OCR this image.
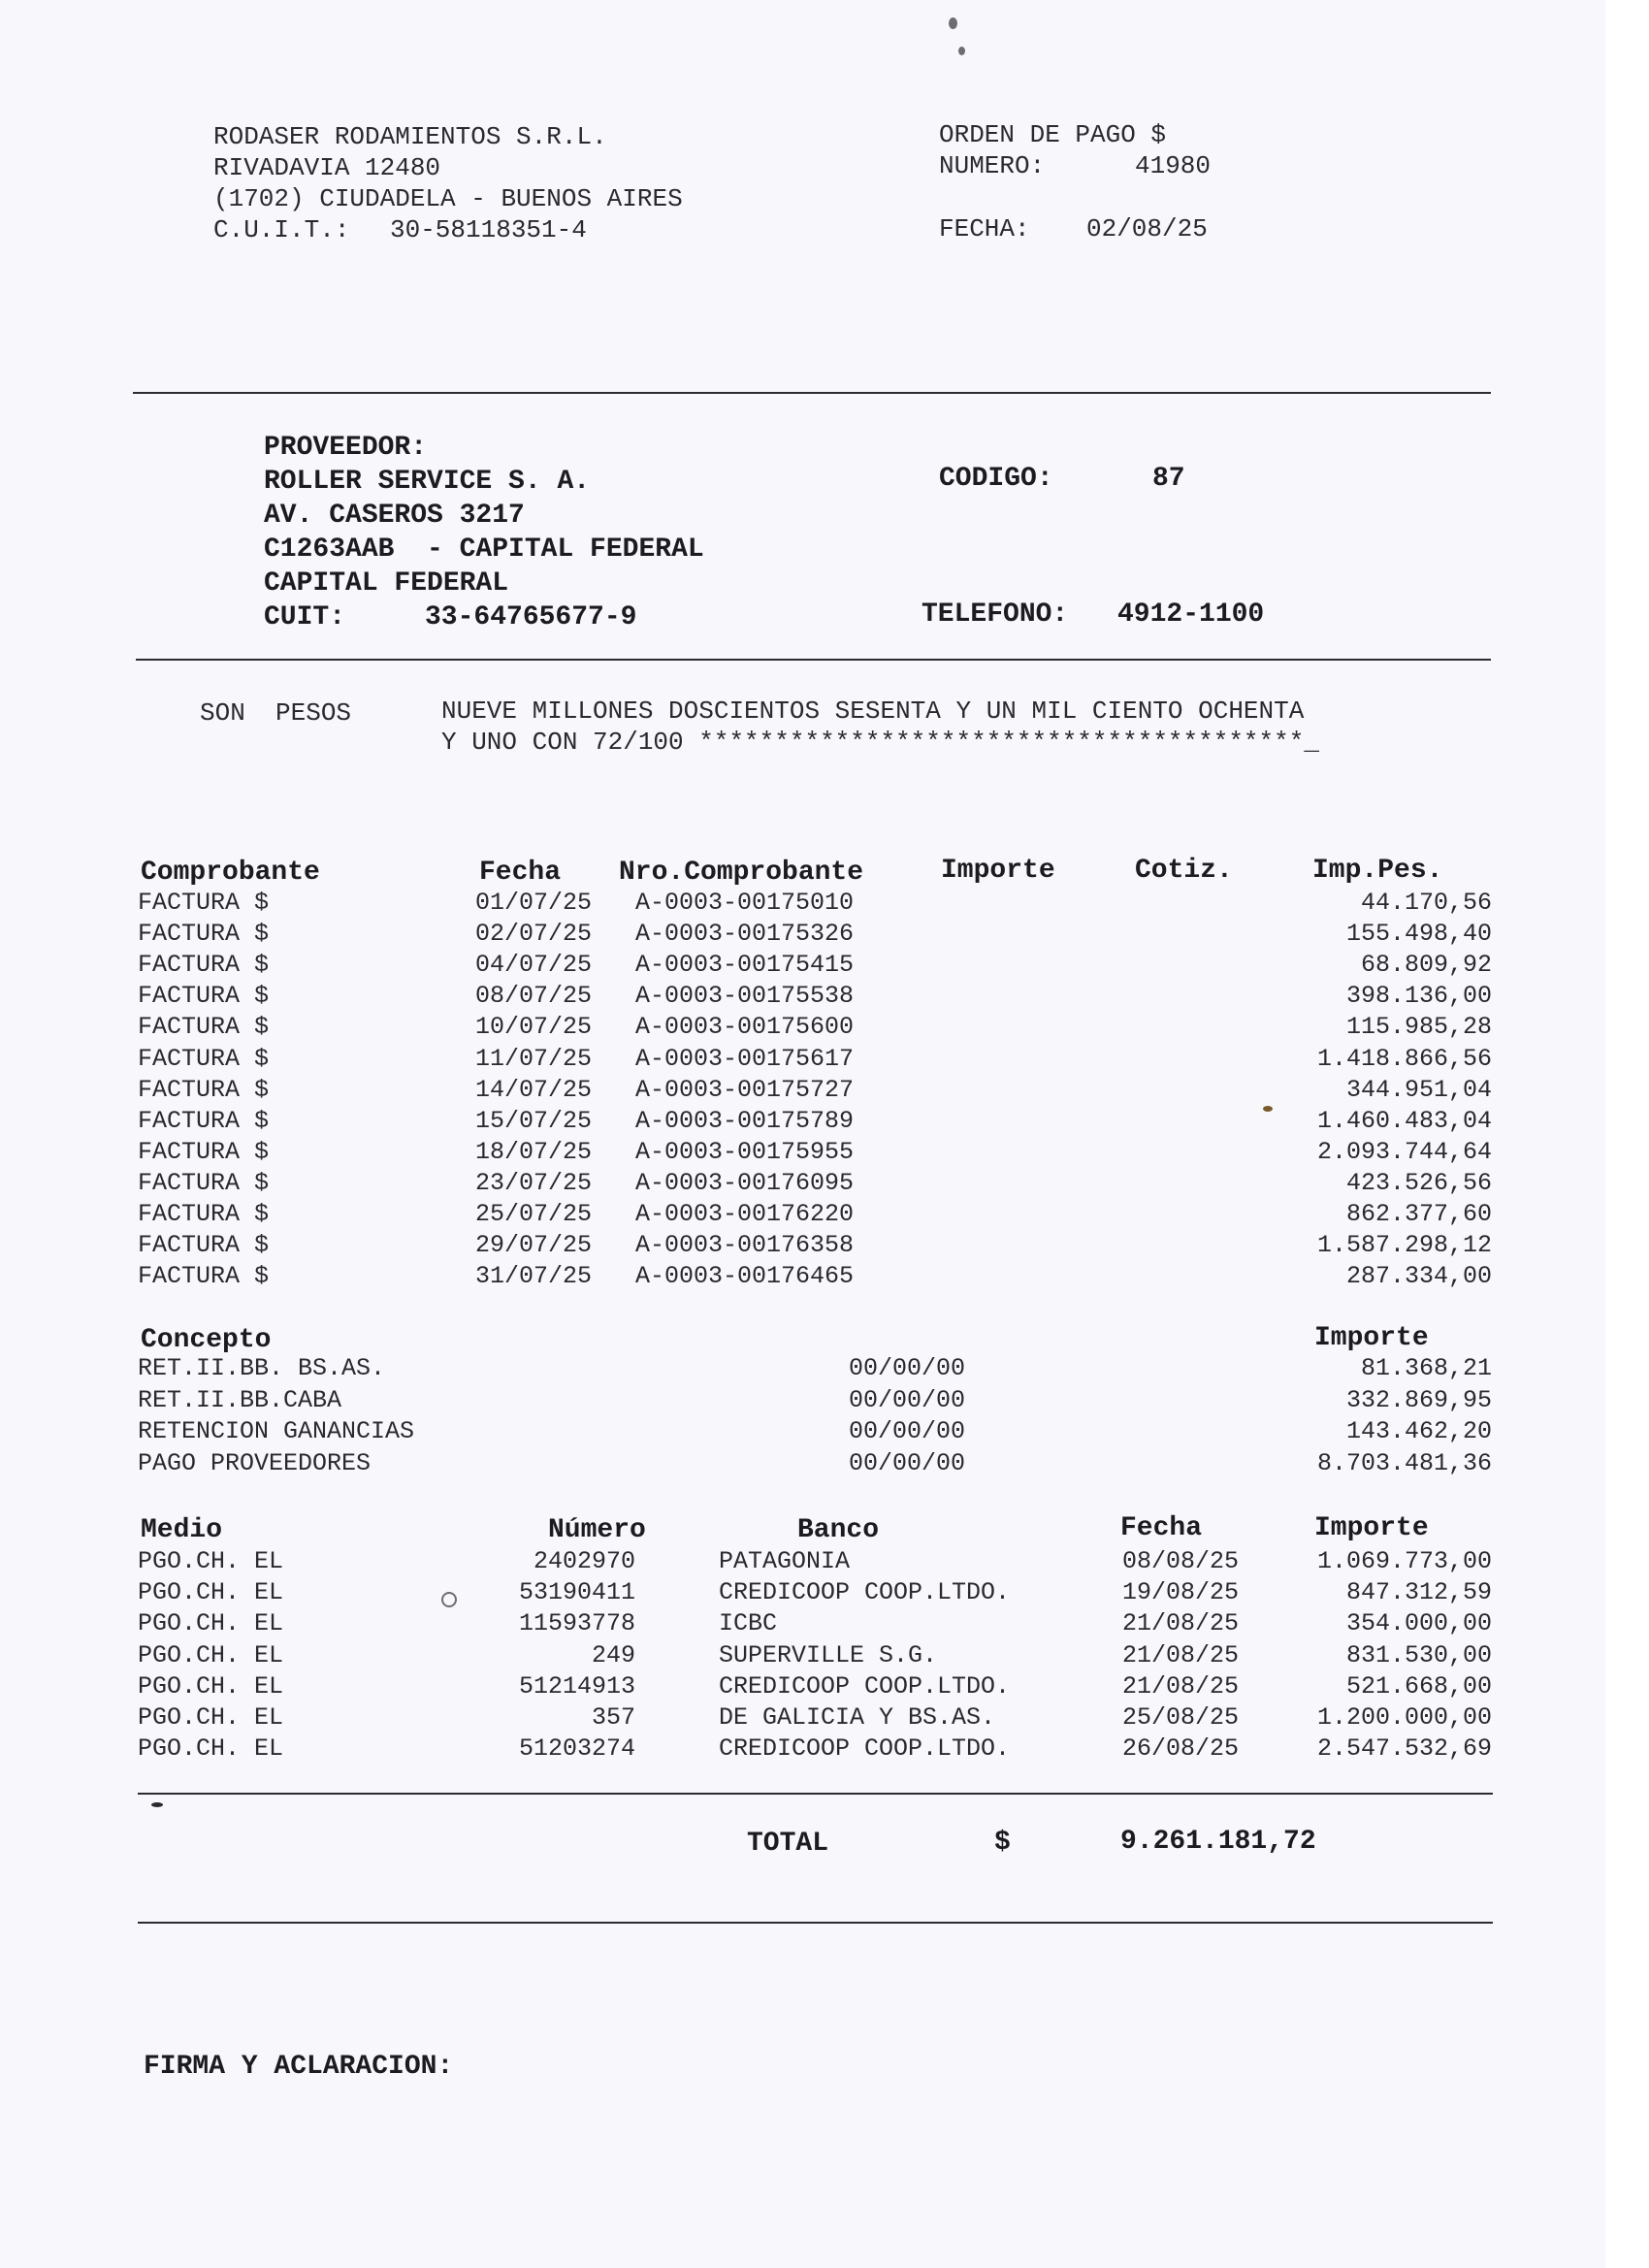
RODASER RODAMIENTOS S.R.L.
RIVADAVIA 12480
(1702) CIUDADELA - BUENOS AIRES
C.U.I.T.: 30-58118351-4
ORDEN DE PAGO $
NUMERO:	41980
FECHA: 02/08/25
PROVEEDOR:
ROLLER SERVICE S. A.
AV. CASEROS 3217
C1263AAB  - CAPITAL FEDERAL
CAPITAL FEDERAL
CUIT:	33-64765677-9
CODIGO:	87
TELEFONO: 4912-1100
SON  PESOS	NUEVE MILLONES DOSCIENTOS SESENTA Y UN MIL CIENTO OCHENTA
Y UNO CON 72/100 ****************************************_
Comprobante	Fecha Nro.Comprobante	Importe	Cotiz.	Imp.Pes.
FACTURA $	01/07/25 A-0003-00175010	44.170,56
FACTURA $	02/07/25 A-0003-00175326	155.498,40
FACTURA $	04/07/25 A-0003-00175415	68.809,92
FACTURA $	08/07/25 A-0003-00175538	398.136,00
FACTURA $	10/07/25 A-0003-00175600	115.985,28
FACTURA $	11/07/25 A-0003-00175617	1.418.866,56
FACTURA $	14/07/25 A-0003-00175727	344.951,04
FACTURA $	15/07/25 A-0003-00175789	1.460.483,04
FACTURA $	18/07/25 A-0003-00175955	2.093.744,64
FACTURA $	23/07/25 A-0003-00176095	423.526,56
FACTURA $	25/07/25 A-0003-00176220	862.377,60
FACTURA $	29/07/25 A-0003-00176358	1.587.298,12
FACTURA $	31/07/25 A-0003-00176465	287.334,00
Concepto	Importe
RET.II.BB. BS.AS.	00/00/00	81.368,21
RET.II.BB.CABA	00/00/00	332.869,95
RETENCION GANANCIAS	00/00/00	143.462,20
PAGO PROVEEDORES	00/00/00	8.703.481,36
Medio	Número	Banco	Fecha	Importe
PGO.CH. EL	2402970	PATAGONIA	08/08/25	1.069.773,00
PGO.CH. EL	53190411	CREDICOOP COOP.LTDO.	19/08/25	847.312,59
PGO.CH. EL	11593778	ICBC	21/08/25	354.000,00
PGO.CH. EL	249	SUPERVILLE S.G.	21/08/25	831.530,00
PGO.CH. EL	51214913	CREDICOOP COOP.LTDO.	21/08/25	521.668,00
PGO.CH. EL	357	DE GALICIA Y BS.AS.	25/08/25	1.200.000,00
PGO.CH. EL	51203274	CREDICOOP COOP.LTDO.	26/08/25	2.547.532,69
TOTAL	$	9.261.181,72
FIRMA Y ACLARACION:
